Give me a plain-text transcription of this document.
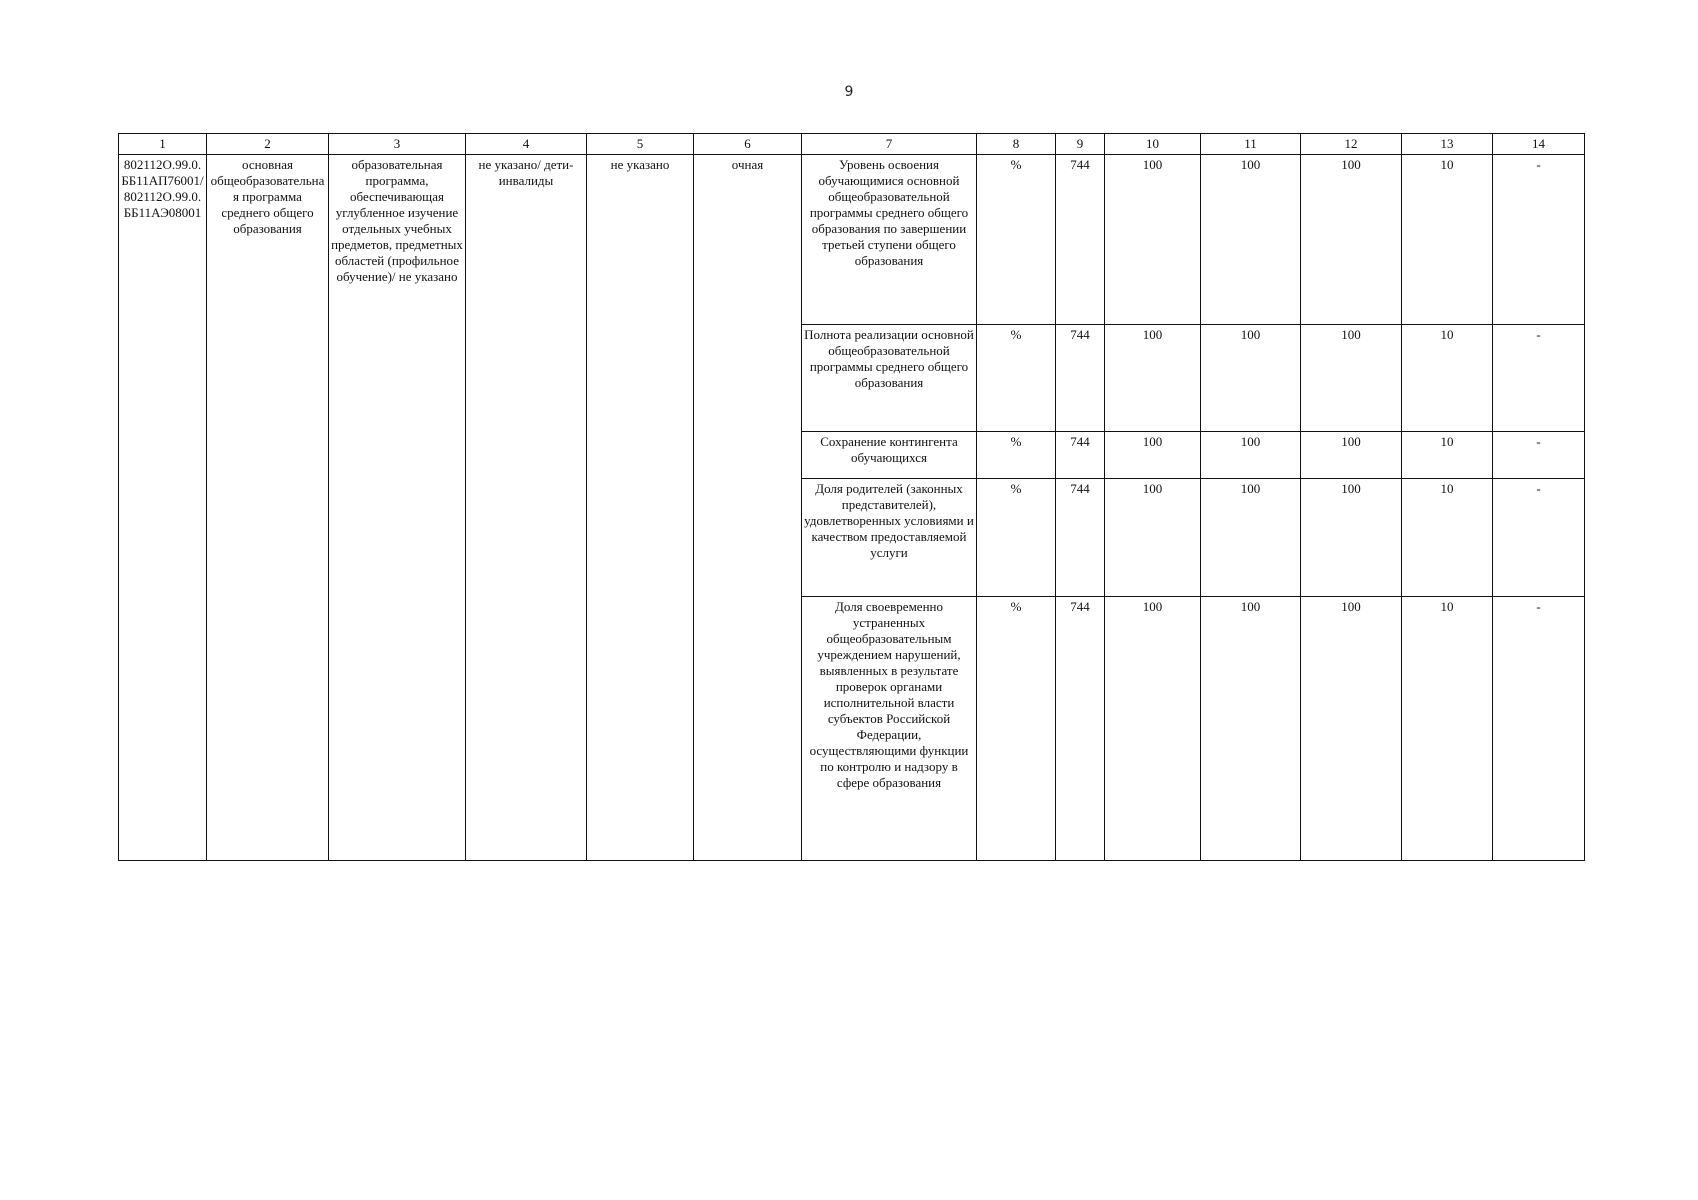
9
1	2	3	4	5	6	7	8	9	10	11	12	13	14
802112О.99.0.ББ11АП76001/802112О.99.0.ББ11АЭ08001	основная общеобразовательная программа среднего общего образования	образовательная программа, обеспечивающая углубленное изучение отдельных учебных предметов, предметных областей (профильное обучение)/ не указано	не указано/ дети-инвалиды	не указано	очная	Уровень освоения обучающимися основной общеобразовательной программы среднего общего образования по завершении третьей ступени общего образования	%	744	100	100	100	10	-
						Полнота реализации основной общеобразовательной программы среднего общего образования	%	744	100	100	100	10	-
						Сохранение контингента обучающихся	%	744	100	100	100	10	-
						Доля родителей (законных представителей), удовлетворенных условиями и качеством предоставляемой услуги	%	744	100	100	100	10	-
						Доля своевременно устраненных общеобразовательным учреждением нарушений, выявленных в результате проверок органами исполнительной власти субъектов Российской Федерации, осуществляющими функции по контролю и надзору в сфере образования	%	744	100	100	100	10	-
